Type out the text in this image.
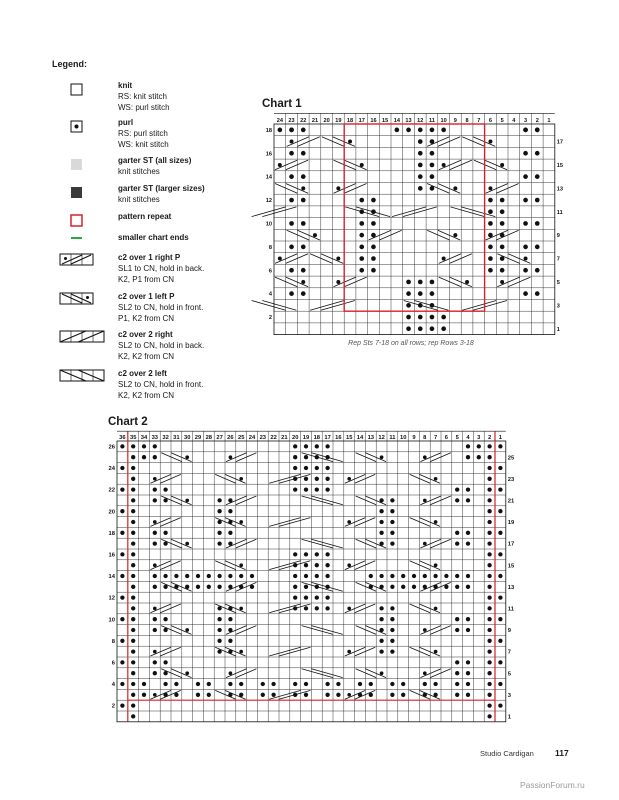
Legend:
knit
RS: knit stitch
WS: purl stitch
purl
RS: purl stitch
WS: knit stitch
garter ST (all sizes)
knit stitches
garter ST (larger sizes)
knit stitches
pattern repeat
smaller chart ends
c2 over 1 right P
SL1 to CN, hold in back.
K2, P1 from CN
c2 over 1 left P
SL2 to CN, hold in front.
P1, K2 from CN
c2 over 2 right
SL2 to CN, hold in back.
K2, K2 from CN
c2 over 2 left
SL2 to CN, hold in front.
K2, K2 from CN
Chart 1
Chart 2
24 23 22 21 20 19 18 17 16 15 14 13 12 11 10 9 8 7 6 5 4 3 2 1
18
17
16
15
14
13
12
11
10
9
8
7
6
5
4
3
2
1
36 35 34 33 32 31 30 29 28 27 26 25 24 23 22 21 20 19 18 17 16 15 14 13 12 11 10 9 8 7 6 5 4 3 2 1
26
25
24
23
22
21
20
19
18
17
16
15
14
13
12
11
10
9
8
7
6
5
4
3
2
1
Rep Sts 7-18 on all rows; rep Rows 3-18
Studio Cardigan 117
PassionForum.ru
